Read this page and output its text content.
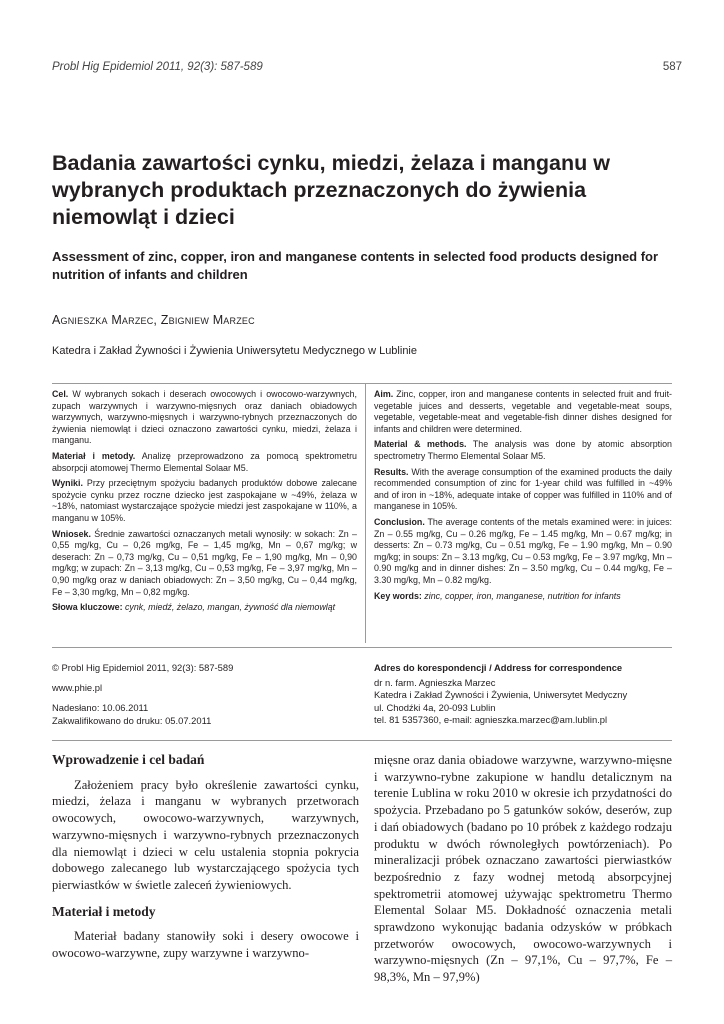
Probl Hig Epidemiol 2011, 92(3): 587-589	587
Badania zawartości cynku, miedzi, żelaza i manganu w wybranych produktach przeznaczonych do żywienia niemowląt i dzieci
Assessment of zinc, copper, iron and manganese contents in selected food products designed for nutrition of infants and children
Agnieszka Marzec, Zbigniew Marzec
Katedra i Zakład Żywności i Żywienia Uniwersytetu Medycznego w Lublinie

Cel. W wybranych sokach i deserach owocowych i owocowo-warzywnych, zupach warzywnych i warzywno-mięsnych oraz daniach obiadowych warzywnych, warzywno-mięsnych i warzywno-rybnych przeznaczonych do żywienia niemowląt i dzieci oznaczono zawartości cynku, miedzi, żelaza i manganu.

Materiał i metody. Analizę przeprowadzono za pomocą spektrometru absorpcji atomowej Thermo Elemental Solaar M5.

Wyniki. Przy przeciętnym spożyciu badanych produktów dobowe zalecane spożycie cynku przez roczne dziecko jest zaspokajane w ~49%, żelaza w ~18%, natomiast wystarczające spożycie miedzi jest zaspokajane w 110%, a manganu w 105%.

Wniosek. Średnie zawartości oznaczanych metali wynosiły: w sokach: Zn – 0,55 mg/kg, Cu – 0,26 mg/kg, Fe – 1,45 mg/kg, Mn – 0,67 mg/kg; w deserach: Zn – 0,73 mg/kg, Cu – 0,51 mg/kg, Fe – 1,90 mg/kg, Mn – 0,90 mg/kg; w zupach: Zn – 3,13 mg/kg, Cu – 0,53 mg/kg, Fe – 3,97 mg/kg, Mn – 0,90 mg/kg oraz w daniach obiadowych: Zn – 3,50 mg/kg, Cu – 0,44 mg/kg, Fe – 3,30 mg/kg, Mn – 0,82 mg/kg.

Słowa kluczowe: cynk, miedź, żelazo, mangan, żywność dla niemowląt

Aim. Zinc, copper, iron and manganese contents in selected fruit and fruit-vegetable juices and desserts, vegetable and vegetable-meat soups, vegetable, vegetable-meat and vegetable-fish dinner dishes designed for infants and children were determined.

Material & methods. The analysis was done by atomic absorption spectrometry Thermo Elemental Solaar M5.

Results. With the average consumption of the examined products the daily recommended consumption of zinc for 1-year child was fulfilled in ~49% and of iron in ~18%, adequate intake of copper was fulfilled in 110% and of manganese in 105%.

Conclusion. The average contents of the metals examined were: in juices: Zn – 0.55 mg/kg, Cu – 0.26 mg/kg, Fe – 1.45 mg/kg, Mn – 0.67 mg/kg; in desserts: Zn – 0.73 mg/kg, Cu – 0.51 mg/kg, Fe – 1.90 mg/kg, Mn – 0.90 mg/kg; in soups: Zn – 3.13 mg/kg, Cu – 0.53 mg/kg, Fe – 3.97 mg/kg, Mn – 0.90 mg/kg and in dinner dishes: Zn – 3.50 mg/kg, Cu – 0.44 mg/kg, Fe – 3.30 mg/kg, Mn – 0.82 mg/kg.

Key words: zinc, copper, iron, manganese, nutrition for infants

© Probl Hig Epidemiol 2011, 92(3): 587-589
www.phie.pl
Nadesłano: 10.06.2011
Zakwalifikowano do druku: 05.07.2011
Adres do korespondencji / Address for correspondence
dr n. farm. Agnieszka Marzec
Katedra i Zakład Żywności i Żywienia, Uniwersytet Medyczny
ul. Chodźki 4a, 20-093 Lublin
tel. 81 5357360, e-mail: agnieszka.marzec@am.lublin.pl
Wprowadzenie i cel badań

Założeniem pracy było określenie zawartości cynku, miedzi, żelaza i manganu w wybranych przetworach owocowych, owocowo-warzywnych, warzywnych, warzywno-mięsnych i warzywno-rybnych przeznaczonych dla niemowląt i dzieci w celu ustalenia stopnia pokrycia dobowego zalecanego lub wystarczającego spożycia tych pierwiastków w świetle zaleceń żywieniowych.

Materiał i metody

Materiał badany stanowiły soki i desery owocowe i owocowo-warzywne, zupy warzywne i warzywno-

mięsne oraz dania obiadowe warzywne, warzywno-mięsne i warzywno-rybne zakupione w handlu detalicznym na terenie Lublina w roku 2010 w okresie ich przydatności do spożycia. Przebadano po 5 gatunków soków, deserów, zup i dań obiadowych (badano po 10 próbek z każdego rodzaju produktu w dwóch równoległych powtórzeniach). Po mineralizacji próbek oznaczano zawartości pierwiastków bezpośrednio z fazy wodnej metodą absorpcyjnej spektrometrii atomowej używając spektrometru Thermo Elemental Solaar M5. Dokładność oznaczenia metali sprawdzono wykonując badania odzysków w próbkach przetworów owocowych, owocowo-warzywnych i warzywno-mięsnych (Zn – 97,1%, Cu – 97,7%, Fe – 98,3%, Mn – 97,9%)
